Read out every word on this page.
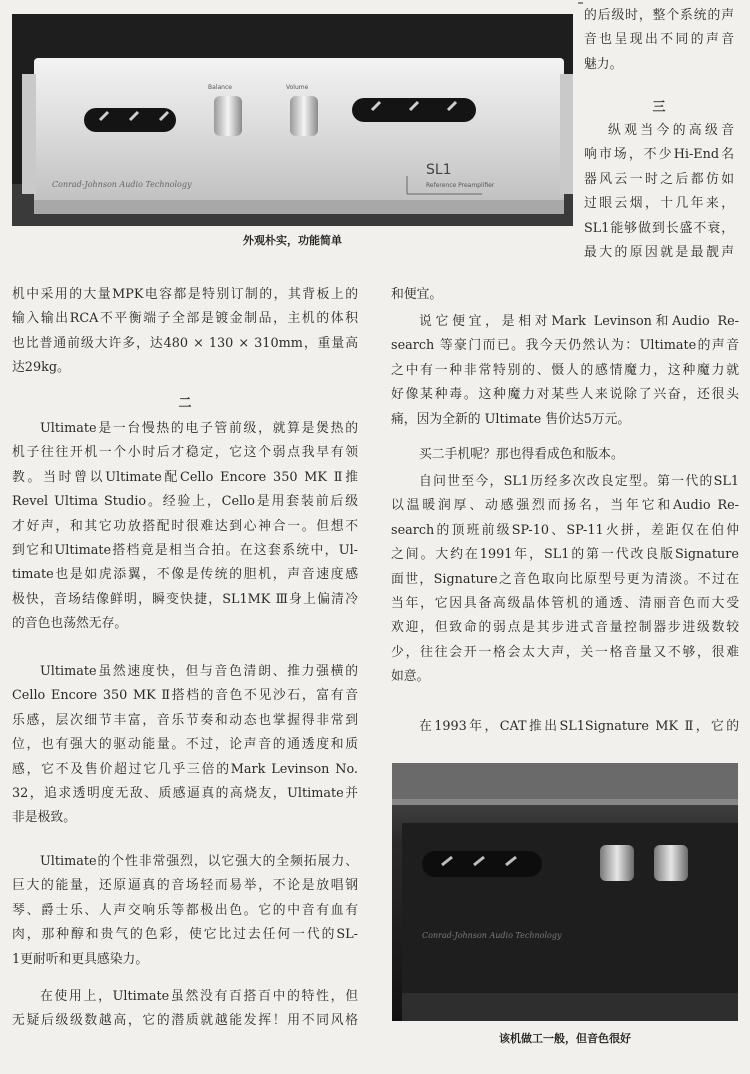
Balance	Volume
Conrad-Johnson Audio Technology
SL1
Reference Preamplifier
外观朴实，功能简单
的后级时，整个系统的声
音也呈现出不同的声音
魅力。
三
纵观当今的高级音
响市场，不少Hi-End名
器风云一时之后都仿如
过眼云烟，十几年来，
SL1能够做到长盛不衰，
最大的原因就是最靓声
机中采用的大量MPK电容都是特别订制的，其背板上的
输入输出RCA不平衡端子全部是镀金制品，主机的体积
也比普通前级大许多，达480 × 130 × 310mm，重量高
达29kg。
二
Ultimate是一台慢热的电子管前级，就算是煲热的
机子往往开机一个小时后才稳定，它这个弱点我早有领
教。当时曾以Ultimate配Cello Encore 350 MK Ⅱ推
Revel Ultima Studio。经验上，Cello是用套装前后级
才好声，和其它功放搭配时很难达到心神合一。但想不
到它和Ultimate搭档竟是相当合拍。在这套系统中，Ul-
timate也是如虎添翼，不像是传统的胆机，声音速度感
极快，音场结像鲜明，瞬变快捷，SL1MK Ⅲ身上偏清冷
的音色也荡然无存。
Ultimate虽然速度快，但与音色清朗、推力强横的
Cello Encore 350 MK Ⅱ搭档的音色不见沙石，富有音
乐感，层次细节丰富，音乐节奏和动态也掌握得非常到
位，也有强大的驱动能量。不过，论声音的通透度和质
感，它不及售价超过它几乎三倍的Mark Levinson No.
32，追求透明度无敌、质感逼真的高烧友，Ultimate并
非是极致。
Ultimate的个性非常强烈，以它强大的全频拓展力、
巨大的能量，还原逼真的音场轻而易举，不论是放唱钢
琴、爵士乐、人声交响乐等都极出色。它的中音有血有
肉，那种醇和贵气的色彩，使它比过去任何一代的SL-
1更耐听和更具感染力。
在使用上，Ultimate虽然没有百搭百中的特性，但
无疑后级级数越高，它的潜质就越能发挥！用不同风格
和便宜。
说它便宜，是相对Mark Levinson和Audio Re-
search 等豪门而已。我今天仍然认为：Ultimate的声音
之中有一种非常特别的、慑人的感情魔力，这种魔力就
好像某种毒。这种魔力对某些人来说除了兴奋，还很头
痛，因为全新的 Ultimate 售价达5万元。
买二手机呢？那也得看成色和版本。
自问世至今，SL1历经多次改良定型。第一代的SL1
以温暖润厚、动感强烈而扬名，当年它和Audio Re-
search的顶班前级SP-10、SP-11火拼，差距仅在伯仲
之间。大约在1991年，SL1的第一代改良版Signature
面世，Signature之音色取向比原型号更为清淡。不过在
当年，它因具备高级晶体管机的通透、清丽音色而大受
欢迎，但致命的弱点是其步进式音量控制器步进级数较
少，往往会开一格会太大声，关一格音量又不够，很难
如意。
在1993年，CAT推出SL1Signature MK Ⅱ，它的
Conrad-Johnson Audio Technology
该机做工一般，但音色很好
